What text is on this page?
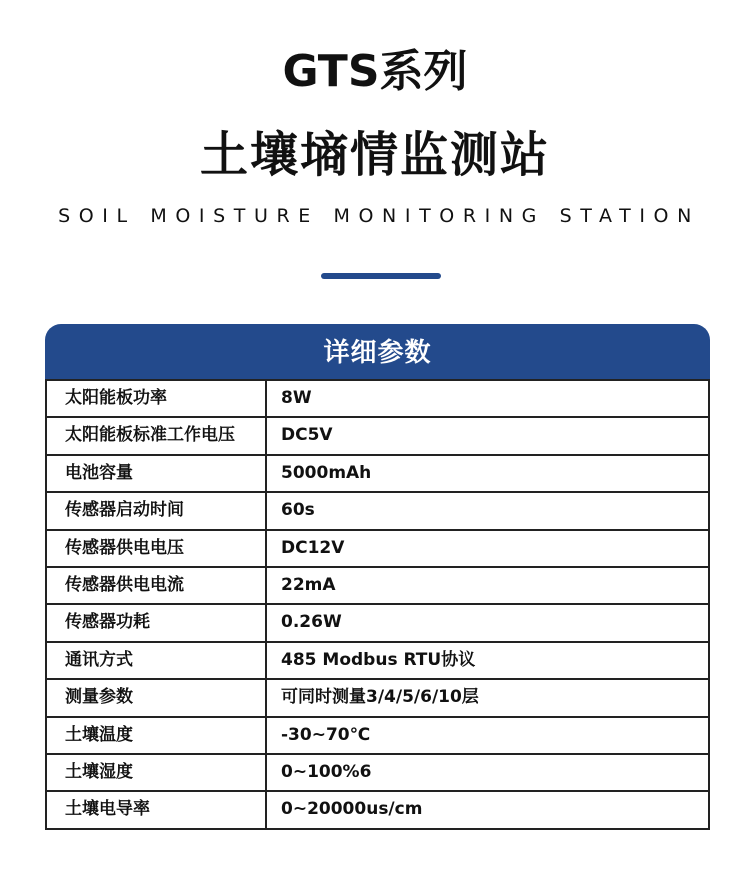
GTS系列
土壤墒情监测站
SOIL MOISTURE MONITORING STATION
详细参数
太阳能板功率	8W
太阳能板标准工作电压	DC5V
电池容量	5000mAh
传感器启动时间	60s
传感器供电电压	DC12V
传感器供电电流	22mA
传感器功耗	0.26W
通讯方式	485 Modbus RTU协议
测量参数	可同时测量3/4/5/6/10层
土壤温度	-30~70℃
土壤湿度	0~100%6
土壤电导率	0~20000us/cm
